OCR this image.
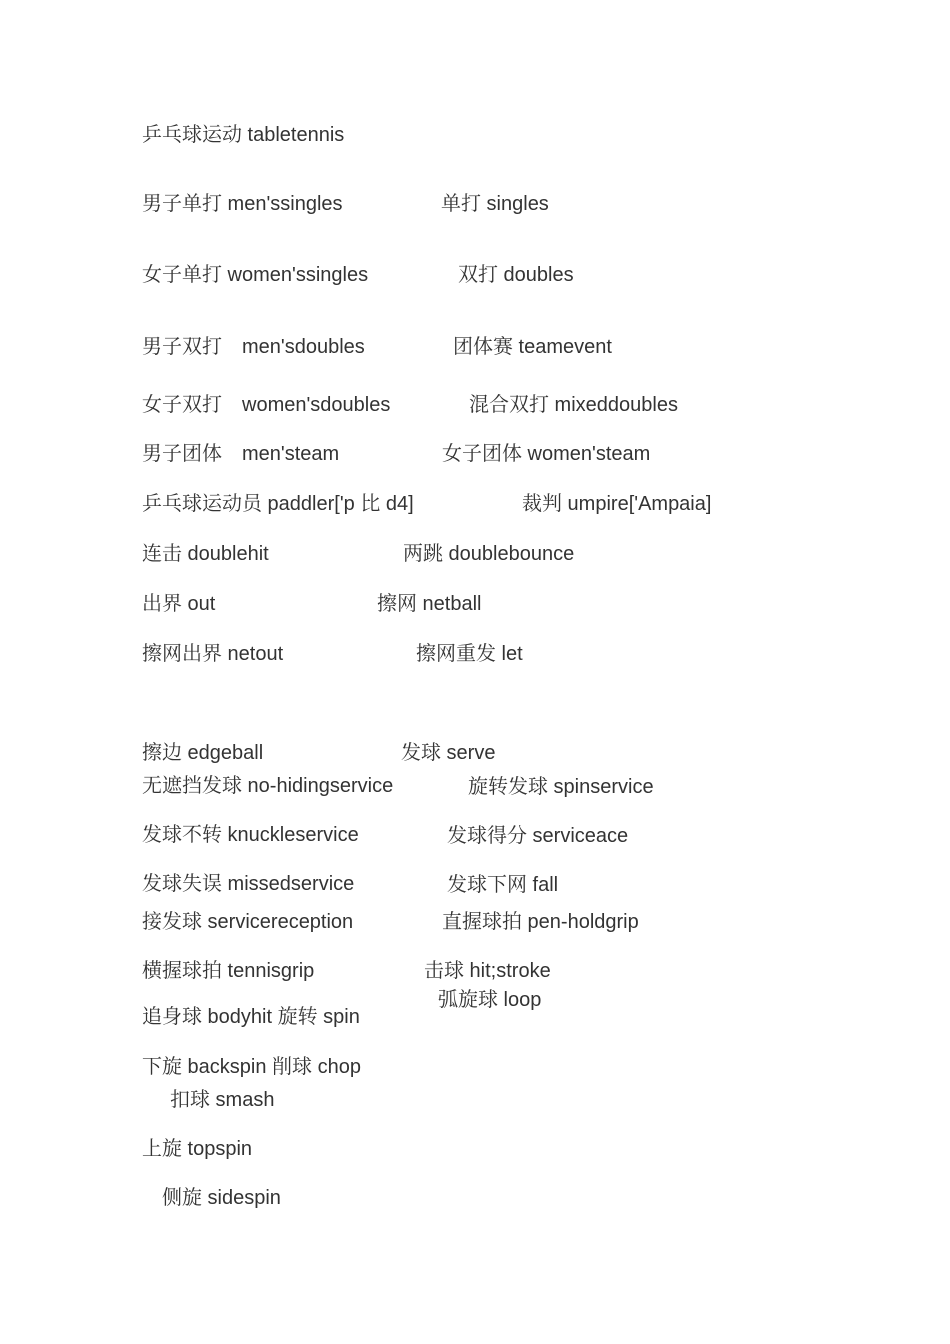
乒乓球运动 tabletennis
男子单打 men'ssingles	单打 singles
女子单打 women'ssingles	双打 doubles
男子双打　men'sdoubles	团体赛 teamevent
女子双打　women'sdoubles	混合双打 mixeddoubles
男子团体　men'steam	女子团体 women'steam
乒乓球运动员 paddler['p 比 d4]	裁判 umpire['Ampaia]
连击 doublehit	两跳 doublebounce
出界 out	擦网 netball
擦网出界 netout	擦网重发 let
擦边 edgeball	发球 serve
无遮挡发球 no-hidingservice	旋转发球 spinservice
发球不转 knuckleservice	发球得分 serviceace
发球失误 missedservice	发球下网 fall
接发球 servicereception	直握球拍 pen-holdgrip
横握球拍 tennisgrip	击球 hit;stroke
弧旋球 loop
追身球 bodyhit 旋转 spin
下旋 backspin 削球 chop
扣球 smash
上旋 topspin
侧旋 sidespin
